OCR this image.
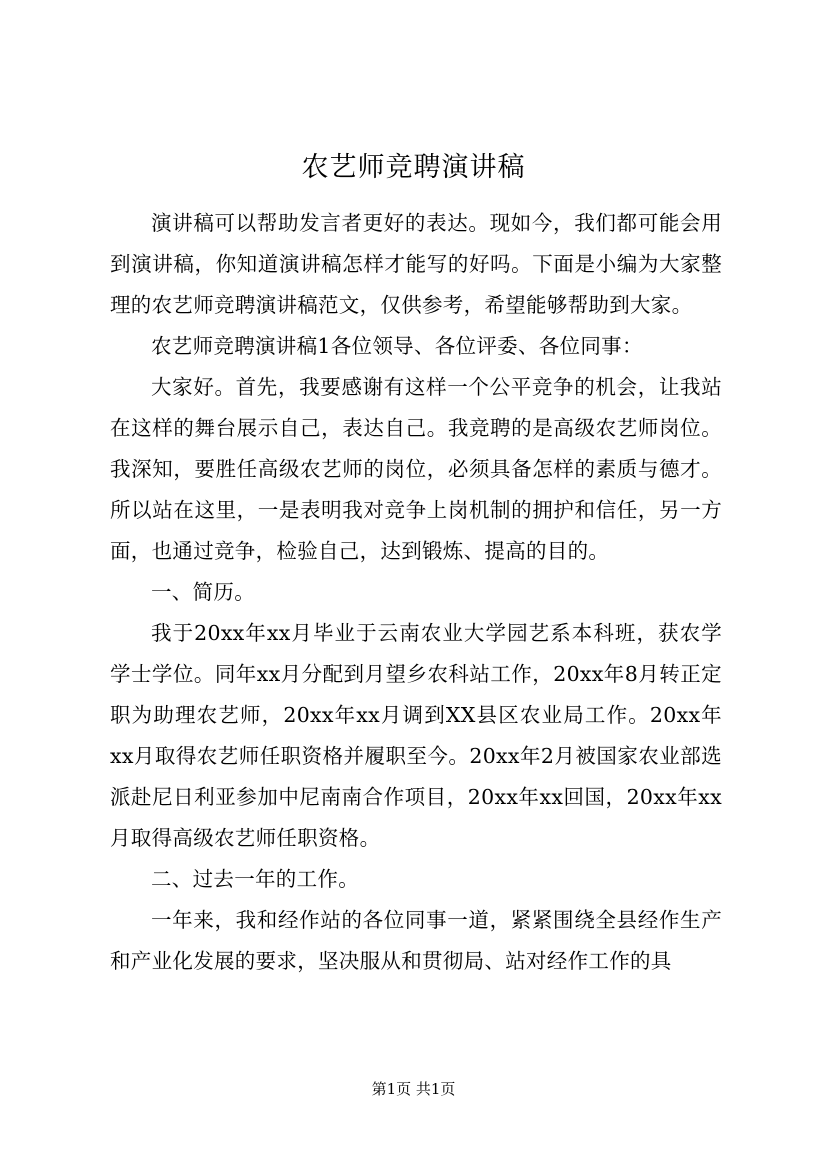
农艺师竞聘演讲稿

演讲稿可以帮助发言者更好的表达。现如今，我们都可能会用到演讲稿，你知道演讲稿怎样才能写的好吗。下面是小编为大家整理的农艺师竞聘演讲稿范文，仅供参考，希望能够帮助到大家。

农艺师竞聘演讲稿1各位领导、各位评委、各位同事：

大家好。首先，我要感谢有这样一个公平竞争的机会，让我站在这样的舞台展示自己，表达自己。我竞聘的是高级农艺师岗位。我深知，要胜任高级农艺师的岗位，必须具备怎样的素质与德才。所以站在这里，一是表明我对竞争上岗机制的拥护和信任，另一方面，也通过竞争，检验自己，达到锻炼、提高的目的。

一、简历。

我于20xx年xx月毕业于云南农业大学园艺系本科班，获农学学士学位。同年xx月分配到月望乡农科站工作，20xx年8月转正定职为助理农艺师，20xx年xx月调到XX县区农业局工作。20xx年xx月取得农艺师任职资格并履职至今。20xx年2月被国家农业部选派赴尼日利亚参加中尼南南合作项目，20xx年xx回国，20xx年xx月取得高级农艺师任职资格。

二、过去一年的工作。

一年来，我和经作站的各位同事一道，紧紧围绕全县经作生产和产业化发展的要求，坚决服从和贯彻局、站对经作工作的具

第1页 共1页
